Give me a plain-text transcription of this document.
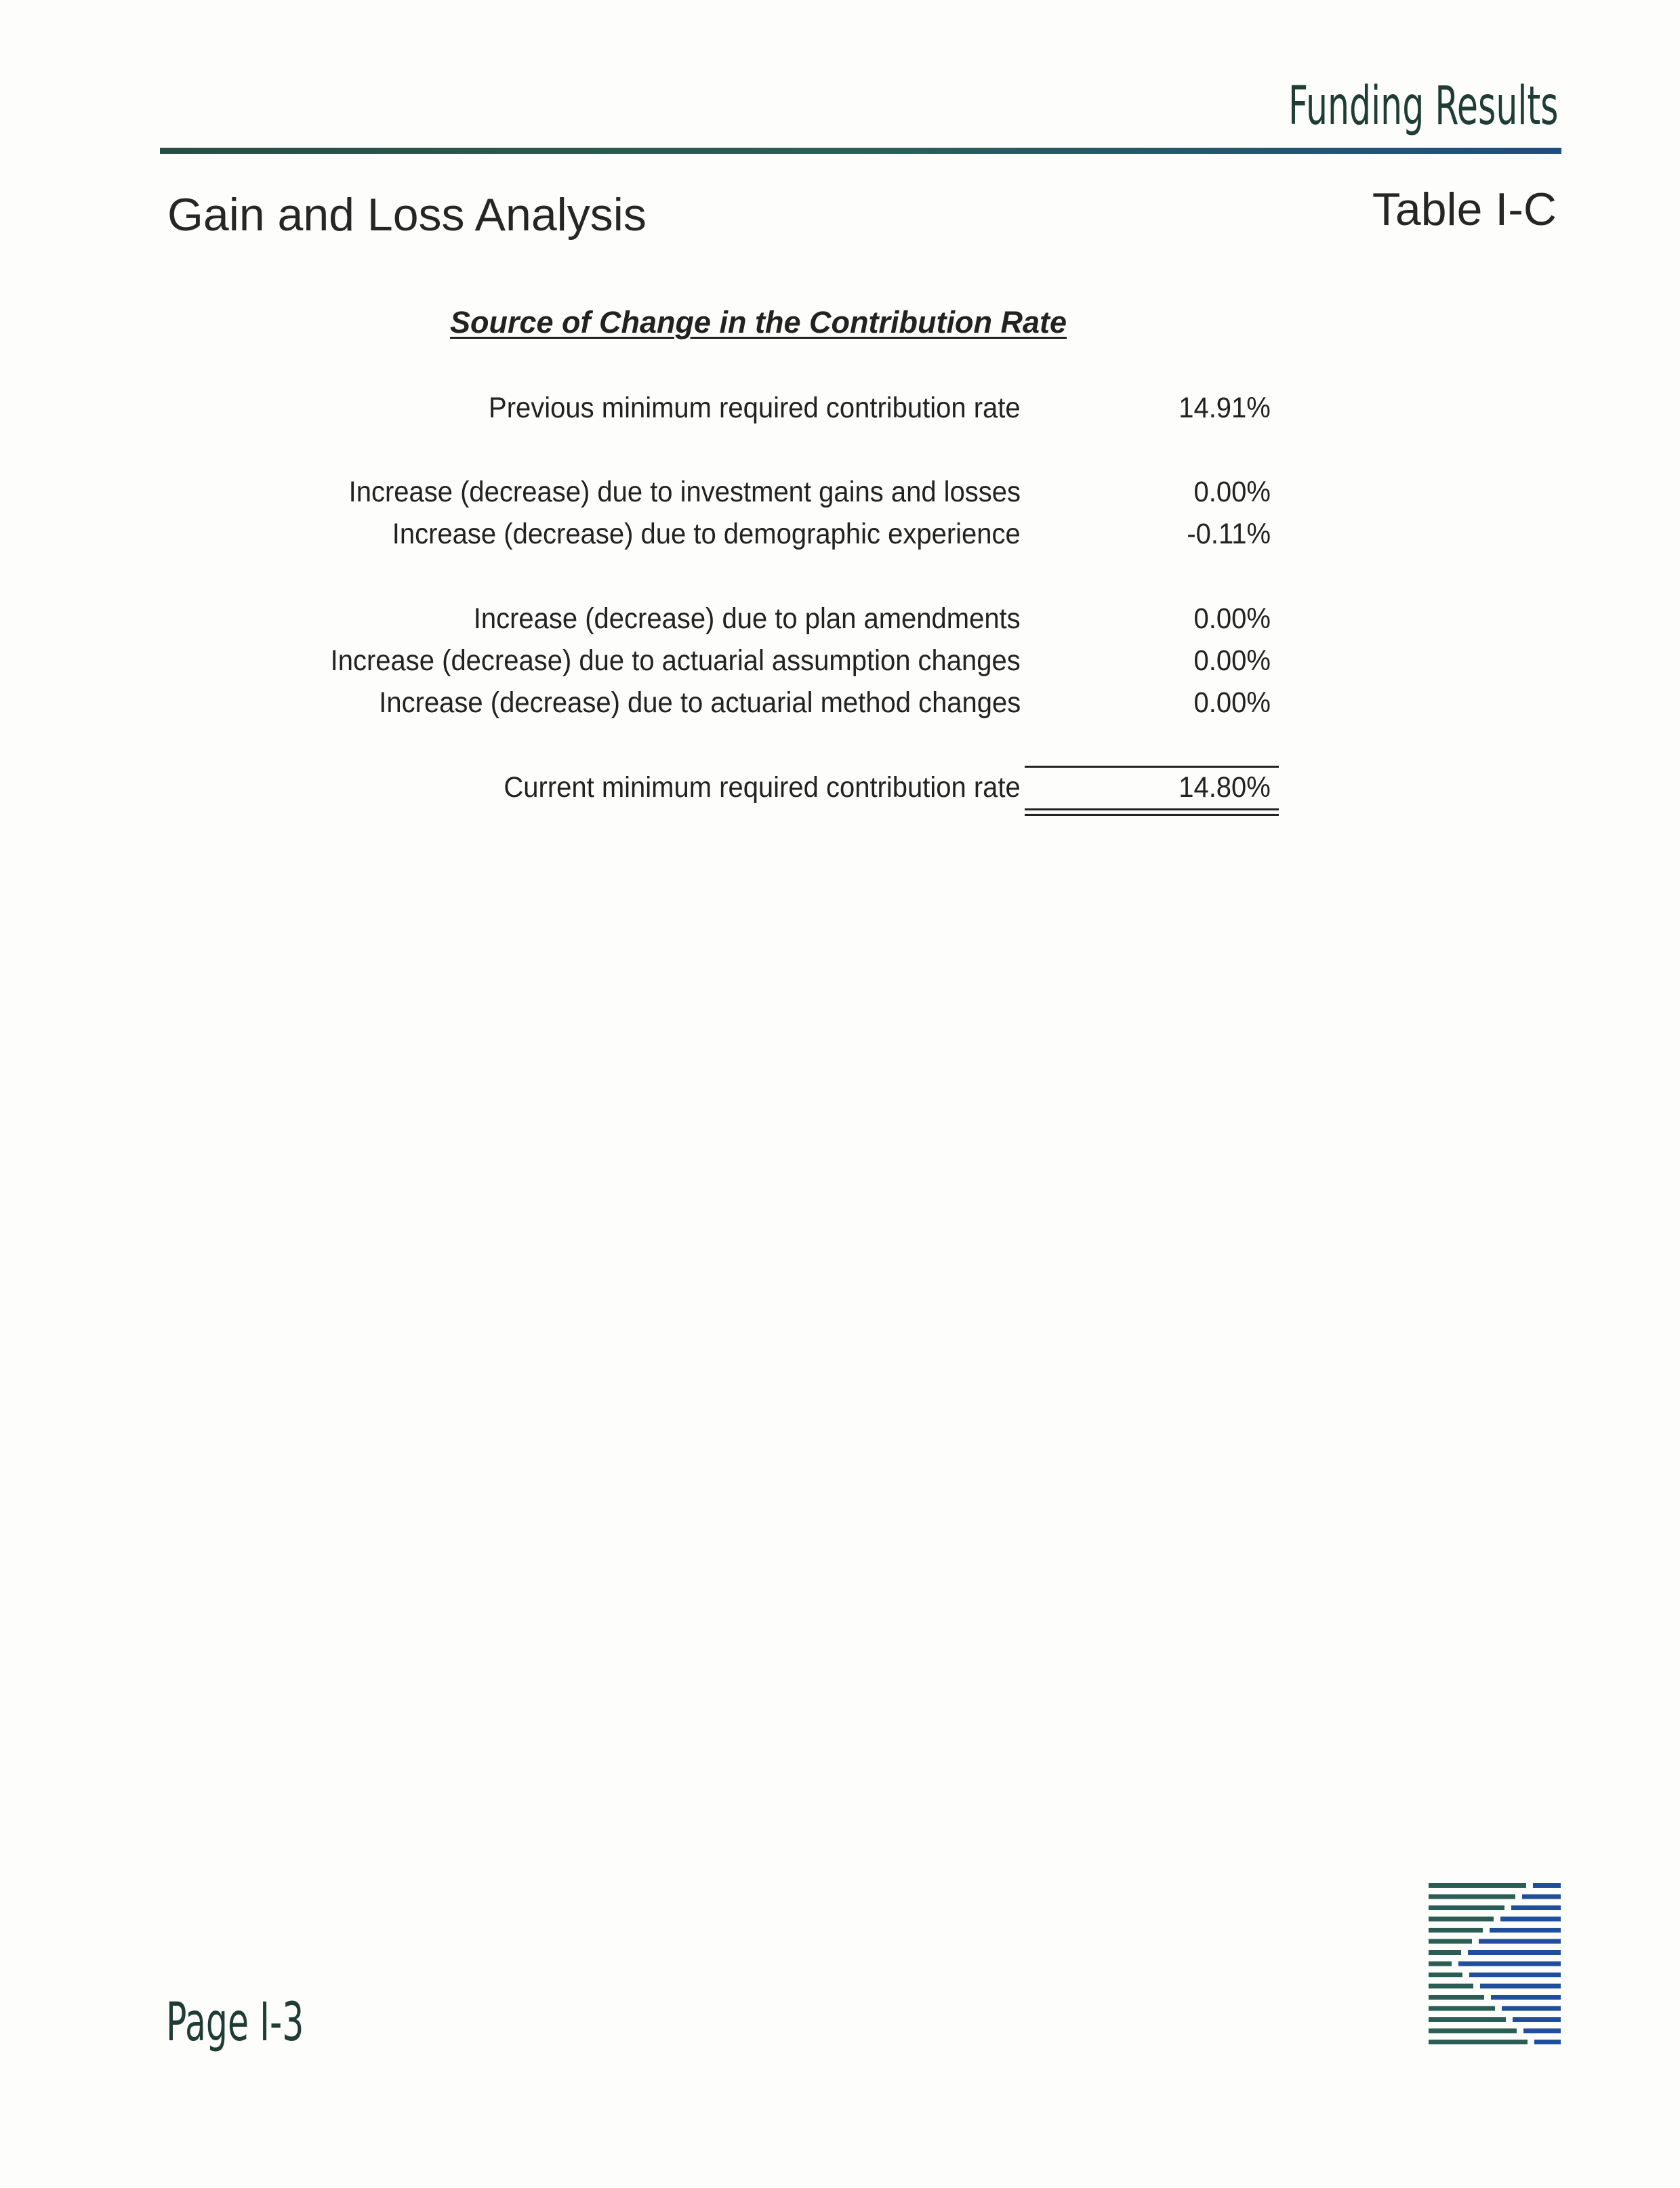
Funding Results
Gain and Loss Analysis	Table I-C
Source of Change in the Contribution Rate
Previous minimum required contribution rate	14.91%
Increase (decrease) due to investment gains and losses	0.00%
Increase (decrease) due to demographic experience	-0.11%
Increase (decrease) due to plan amendments	0.00%
Increase (decrease) due to actuarial assumption changes	0.00%
Increase (decrease) due to actuarial method changes	0.00%
Current minimum required contribution rate	14.80%
Page I-3
